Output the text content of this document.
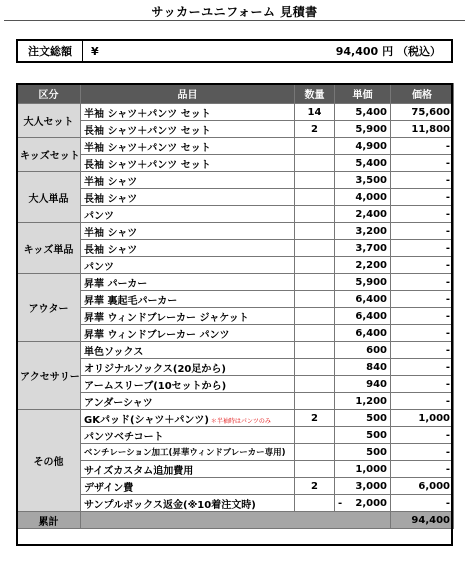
サッカーユニフォーム 見積書
注文総額	¥	94,400 円 （税込）
区分	品目	数量	単価	価格
大人セット	半袖 シャツ＋パンツ セット	14	5,400	75,600
	長袖 シャツ＋パンツ セット	2	5,900	11,800
キッズセット	半袖 シャツ＋パンツ セット		4,900	-
	長袖 シャツ＋パンツ セット		5,400	-
大人単品	半袖 シャツ		3,500	-
	長袖 シャツ		4,000	-
	パンツ		2,400	-
キッズ単品	半袖 シャツ		3,200	-
	長袖 シャツ		3,700	-
	パンツ		2,200	-
アウター	昇華 パーカー		5,900	-
	昇華 裏起毛パーカー		6,400	-
	昇華 ウィンドブレーカー ジャケット		6,400	-
	昇華 ウィンドブレーカー パンツ		6,400	-
アクセサリー	単色ソックス		600	-
	オリジナルソックス(20足から)		840	-
	アームスリーブ(10セットから)		940	-
	アンダーシャツ		1,200	-
その他	GKパッド(シャツ＋パンツ) ＊半袖時はパンツのみ	2	500	1,000
	パンツベチコート		500	-
	ベンチレーション加工(昇華ウィンドブレーカー専用)		500	-
	サイズカスタム追加費用		1,000	-
	デザイン費	2	3,000	6,000
	サンプルボックス返金(※10着注文時)		- 2,000	-
累計				94,400
